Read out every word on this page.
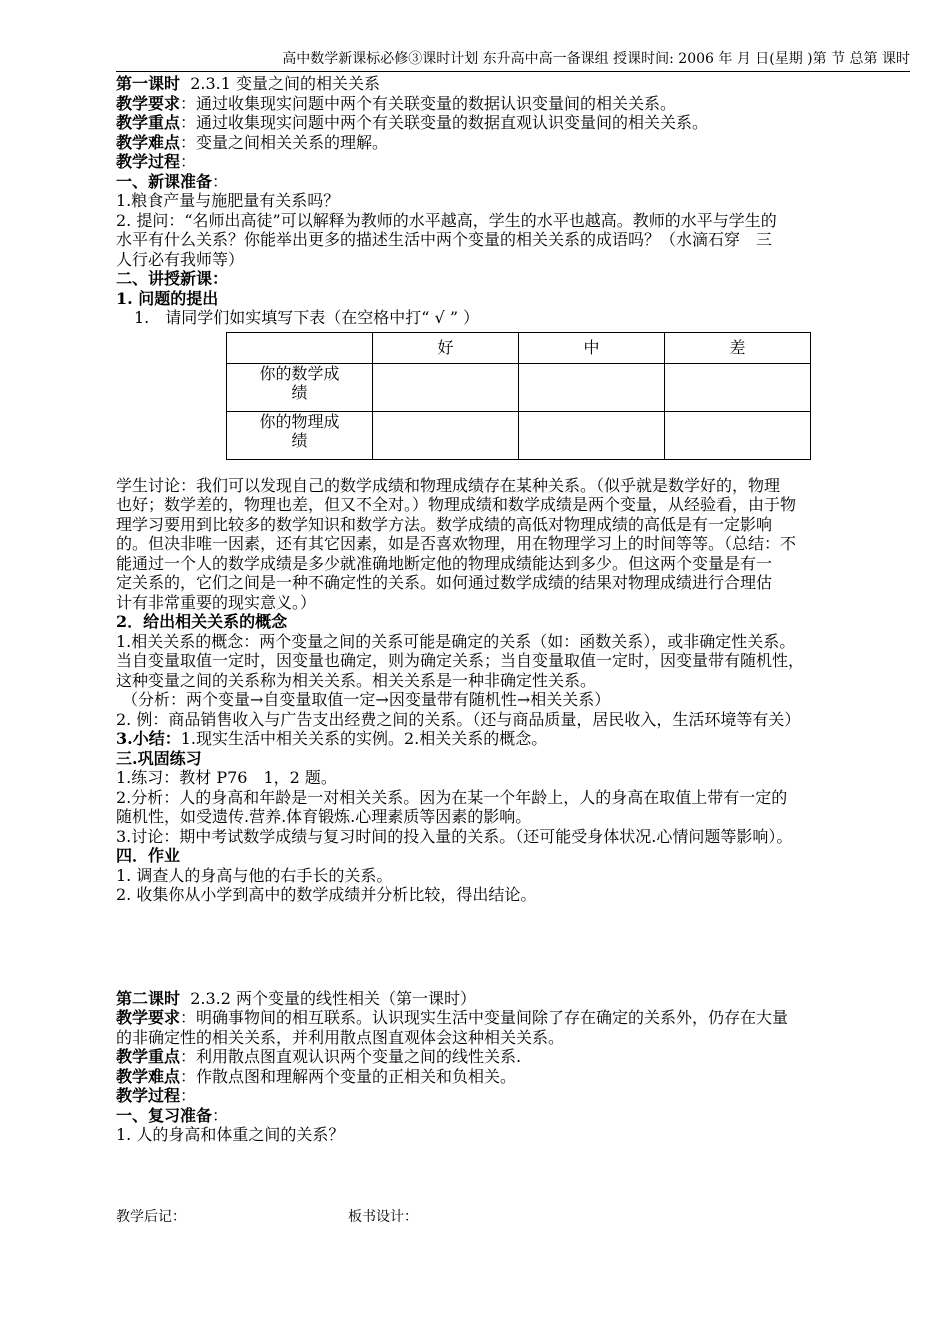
高中数学新课标必修③课时计划 东升高中高一备课组 授课时间: 2006 年 月 日(星期 )第 节 总第 课时
第一课时 2.3.1 变量之间的相关关系
教学要求：通过收集现实问题中两个有关联变量的数据认识变量间的相关关系。
教学重点：通过收集现实问题中两个有关联变量的数据直观认识变量间的相关关系。
教学难点：变量之间相关关系的理解。
教学过程：
一、新课准备：
1.粮食产量与施肥量有关系吗？
2. 提问：“名师出高徒”可以解释为教师的水平越高，学生的水平也越高。教师的水平与学生的
水平有什么关系？你能举出更多的描述生活中两个变量的相关关系的成语吗？（水滴石穿　三
人行必有我师等）
二、讲授新课：
1. 问题的提出
1.　请同学们如实填写下表（在空格中打“ √ ” ）
	好	中	差

你的数学成
绩			

你的物理成
绩			

学生讨论：我们可以发现自己的数学成绩和物理成绩存在某种关系。（似乎就是数学好的，物理
也好；数学差的，物理也差，但又不全对。）物理成绩和数学成绩是两个变量，从经验看，由于物
理学习要用到比较多的数学知识和数学方法。数学成绩的高低对物理成绩的高低是有一定影响
的。但决非唯一因素，还有其它因素，如是否喜欢物理，用在物理学习上的时间等等。（总结：不
能通过一个人的数学成绩是多少就准确地断定他的物理成绩能达到多少。但这两个变量是有一
定关系的，它们之间是一种不确定性的关系。如何通过数学成绩的结果对物理成绩进行合理估
计有非常重要的现实意义。）
2．给出相关关系的概念
1.相关关系的概念：两个变量之间的关系可能是确定的关系（如：函数关系），或非确定性关系。
当自变量取值一定时，因变量也确定，则为确定关系；当自变量取值一定时，因变量带有随机性，
这种变量之间的关系称为相关关系。相关关系是一种非确定性关系。
（分析：两个变量→自变量取值一定→因变量带有随机性→相关关系）
2. 例：商品销售收入与广告支出经费之间的关系。（还与商品质量，居民收入，生活环境等有关）
3.小结：1.现实生活中相关关系的实例。2.相关关系的概念。
三.巩固练习
1.练习：教材 P76　1，2 题。
2.分析：人的身高和年龄是一对相关关系。因为在某一个年龄上，人的身高在取值上带有一定的
随机性，如受遗传.营养.体育锻炼.心理素质等因素的影响。
3.讨论：期中考试数学成绩与复习时间的投入量的关系。（还可能受身体状况.心情问题等影响）。
四．作业
1. 调查人的身高与他的右手长的关系。
2. 收集你从小学到高中的数学成绩并分析比较，得出结论。
第二课时 2.3.2 两个变量的线性相关（第一课时）
教学要求：明确事物间的相互联系。认识现实生活中变量间除了存在确定的关系外，仍存在大量
的非确定性的相关关系，并利用散点图直观体会这种相关关系。
教学重点：利用散点图直观认识两个变量之间的线性关系.
教学难点：作散点图和理解两个变量的正相关和负相关。
教学过程：
一、复习准备：
1. 人的身高和体重之间的关系？
教学后记：	板书设计：
